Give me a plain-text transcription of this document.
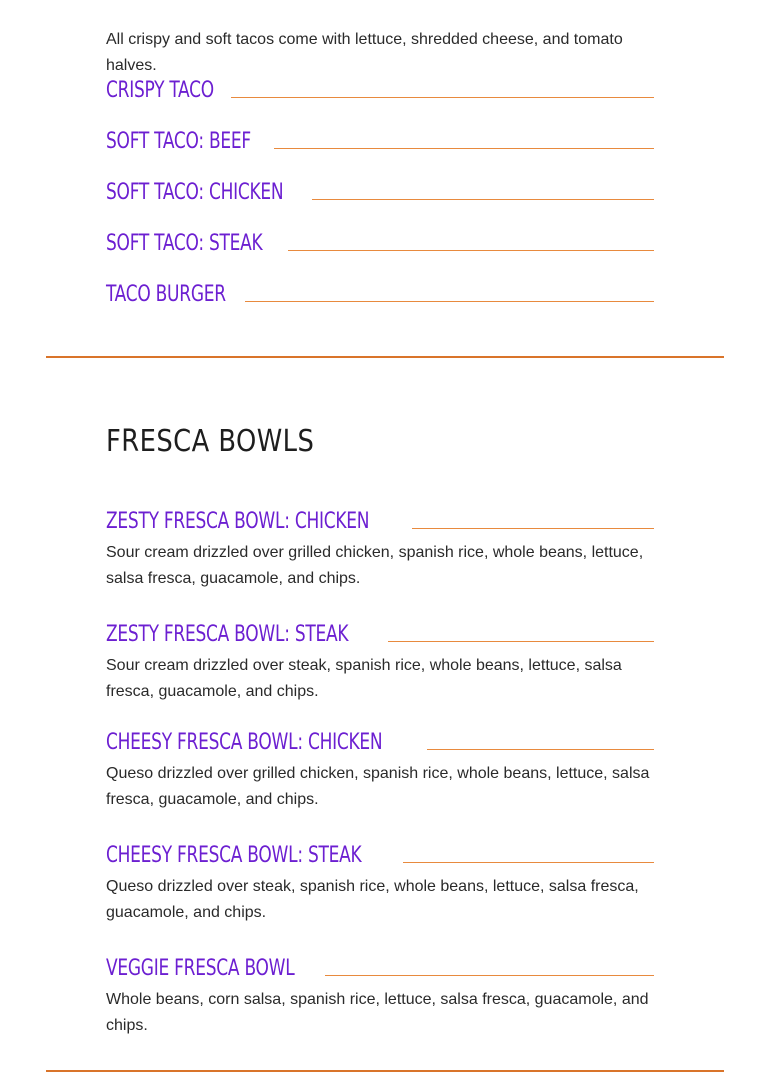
All crispy and soft tacos come with lettuce, shredded cheese, and tomato halves.
CRISPY TACO
SOFT TACO: BEEF
SOFT TACO: CHICKEN
SOFT TACO: STEAK
TACO BURGER
FRESCA BOWLS
ZESTY FRESCA BOWL: CHICKEN
Sour cream drizzled over grilled chicken, spanish rice, whole beans, lettuce, salsa fresca, guacamole, and chips.
ZESTY FRESCA BOWL: STEAK
Sour cream drizzled over steak, spanish rice, whole beans, lettuce, salsa fresca, guacamole, and chips.
CHEESY FRESCA BOWL: CHICKEN
Queso drizzled over grilled chicken, spanish rice, whole beans, lettuce, salsa fresca, guacamole, and chips.
CHEESY FRESCA BOWL: STEAK
Queso drizzled over steak, spanish rice, whole beans, lettuce, salsa fresca, guacamole, and chips.
VEGGIE FRESCA BOWL
Whole beans, corn salsa, spanish rice, lettuce, salsa fresca, guacamole, and chips.
